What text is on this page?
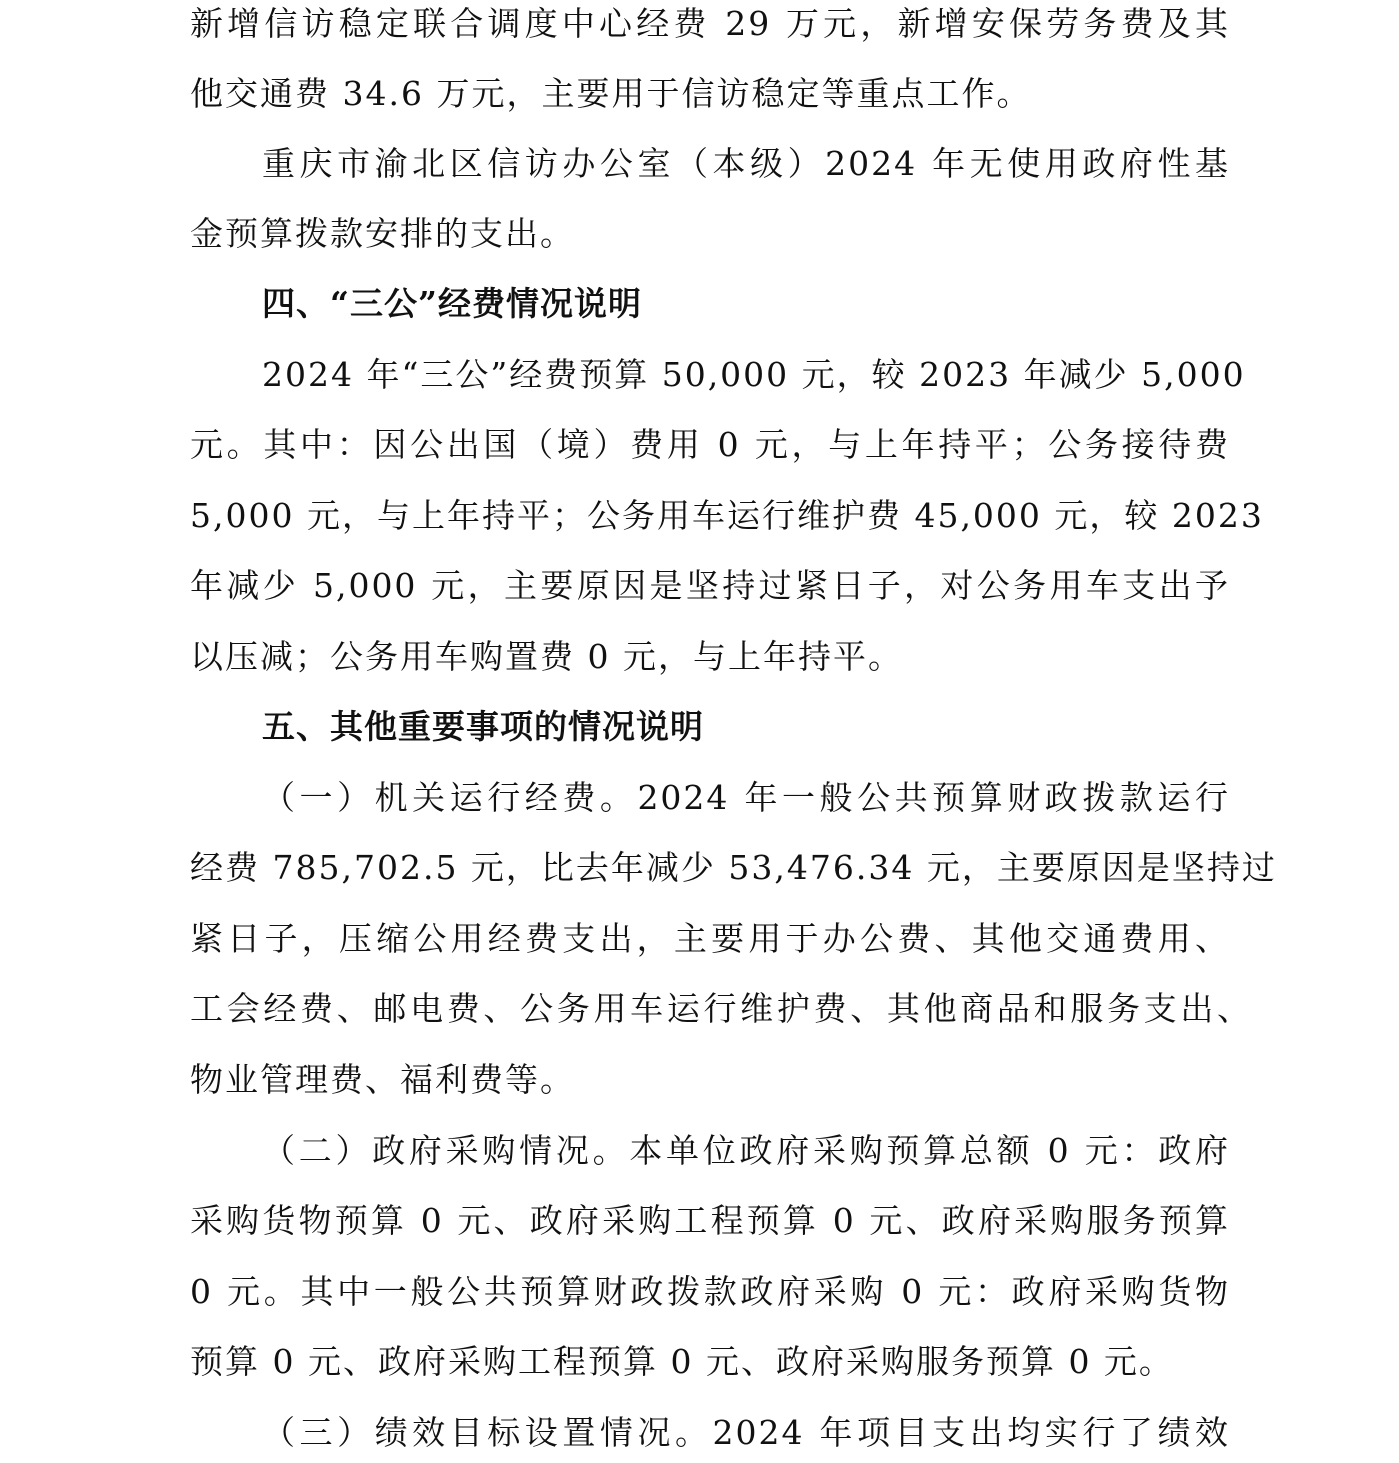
新增信访稳定联合调度中心经费 29 万元，新增安保劳务费及其
他交通费 34.6 万元，主要用于信访稳定等重点工作。
重庆市渝北区信访办公室（本级）2024 年无使用政府性基
金预算拨款安排的支出。
四、“三公”经费情况说明
2024 年“三公”经费预算 50,000 元，较 2023 年减少 5,000
元。其中：因公出国（境）费用 0 元，与上年持平；公务接待费
5,000 元，与上年持平；公务用车运行维护费 45,000 元，较 2023
年减少 5,000 元，主要原因是坚持过紧日子，对公务用车支出予
以压减；公务用车购置费 0 元，与上年持平。
五、其他重要事项的情况说明
（一）机关运行经费。2024 年一般公共预算财政拨款运行
经费 785,702.5 元，比去年减少 53,476.34 元，主要原因是坚持过
紧日子，压缩公用经费支出，主要用于办公费、其他交通费用、
工会经费、邮电费、公务用车运行维护费、其他商品和服务支出、
物业管理费、福利费等。
（二）政府采购情况。本单位政府采购预算总额 0 元：政府
采购货物预算 0 元、政府采购工程预算 0 元、政府采购服务预算
0 元。其中一般公共预算财政拨款政府采购 0 元：政府采购货物
预算 0 元、政府采购工程预算 0 元、政府采购服务预算 0 元。
（三）绩效目标设置情况。2024 年项目支出均实行了绩效
